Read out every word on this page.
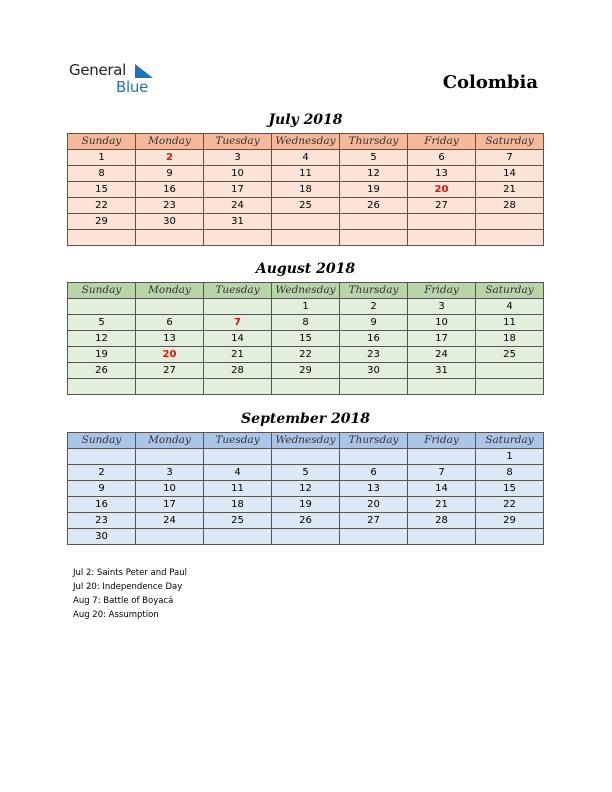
General
Blue	Colombia
July 2018
Sunday	Monday	Tuesday	Wednesday	Thursday	Friday	Saturday
1	2	3	4	5	6	7
8	9	10	11	12	13	14
15	16	17	18	19	20	21
22	23	24	25	26	27	28
29	30	31				

August 2018
Sunday	Monday	Tuesday	Wednesday	Thursday	Friday	Saturday
			1	2	3	4
5	6	7	8	9	10	11
12	13	14	15	16	17	18
19	20	21	22	23	24	25
26	27	28	29	30	31	

September 2018
Sunday	Monday	Tuesday	Wednesday	Thursday	Friday	Saturday
						1
2	3	4	5	6	7	8
9	10	11	12	13	14	15
16	17	18	19	20	21	22
23	24	25	26	27	28	29
30						
Jul 2: Saints Peter and Paul
Jul 20: Independence Day
Aug 7: Battle of Boyacá
Aug 20: Assumption
